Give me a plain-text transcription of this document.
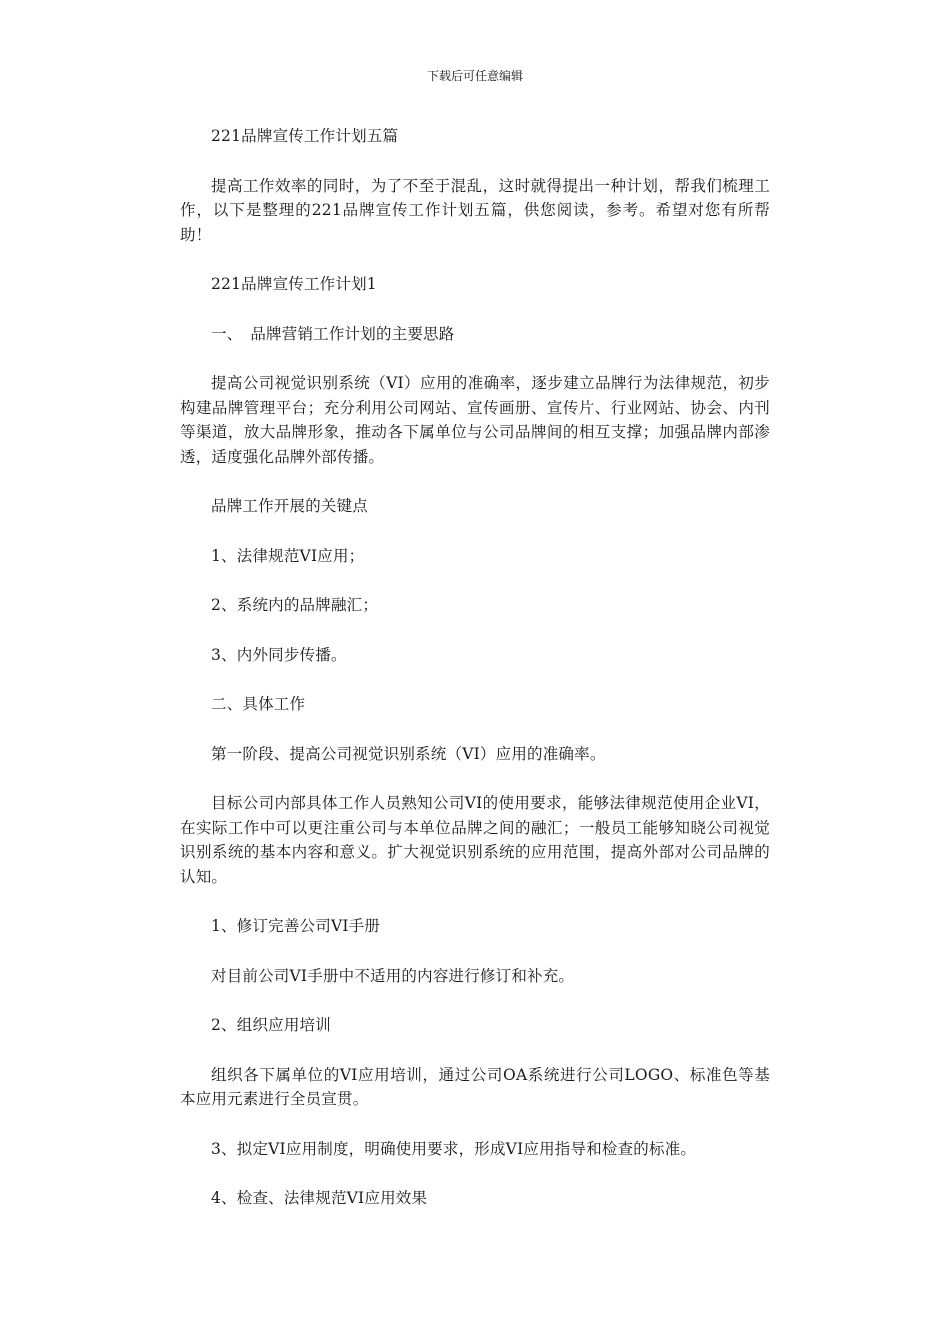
下载后可任意编辑

221品牌宣传工作计划五篇

提高工作效率的同时，为了不至于混乱，这时就得提出一种计划，帮我们梳理工作，以下是整理的221品牌宣传工作计划五篇，供您阅读，参考。希望对您有所帮助！

221品牌宣传工作计划1

一、　品牌营销工作计划的主要思路

提高公司视觉识别系统（VI）应用的准确率，逐步建立品牌行为法律规范，初步构建品牌管理平台；充分利用公司网站、宣传画册、宣传片、行业网站、协会、内刊等渠道，放大品牌形象，推动各下属单位与公司品牌间的相互支撑；加强品牌内部渗透，适度强化品牌外部传播。

品牌工作开展的关键点

1、法律规范VI应用；

2、系统内的品牌融汇；

3、内外同步传播。

二、具体工作

第一阶段、提高公司视觉识别系统（VI）应用的准确率。

目标公司内部具体工作人员熟知公司VI的使用要求，能够法律规范使用企业VI，在实际工作中可以更注重公司与本单位品牌之间的融汇；一般员工能够知晓公司视觉识别系统的基本内容和意义。扩大视觉识别系统的应用范围，提高外部对公司品牌的认知。

1、修订完善公司VI手册

对目前公司VI手册中不适用的内容进行修订和补充。

2、组织应用培训

组织各下属单位的VI应用培训，通过公司OA系统进行公司LOGO、标准色等基本应用元素进行全员宣贯。

3、拟定VI应用制度，明确使用要求，形成VI应用指导和检查的标准。

4、检查、法律规范VI应用效果
